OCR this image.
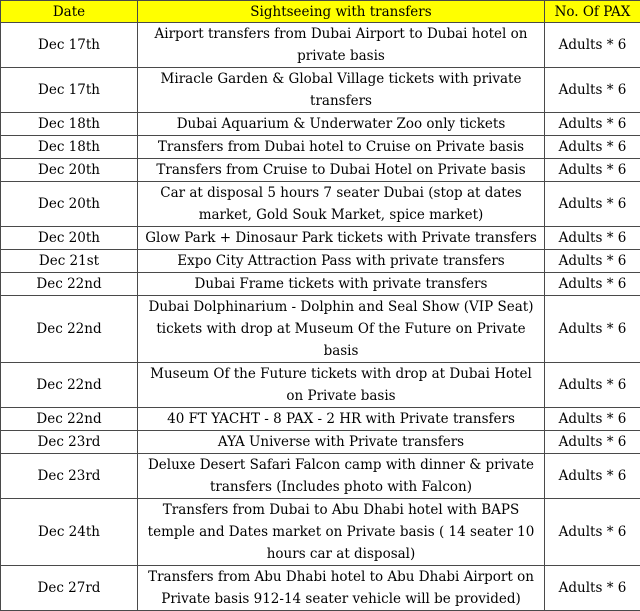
Date	Sightseeing with transfers	No. Of PAX
Dec 17th	Airport transfers from Dubai Airport to Dubai hotel on private basis	Adults * 6
Dec 17th	Miracle Garden & Global Village tickets with private transfers	Adults * 6
Dec 18th	Dubai Aquarium & Underwater Zoo only tickets	Adults * 6
Dec 18th	Transfers from Dubai hotel to Cruise on Private basis	Adults * 6
Dec 20th	Transfers from Cruise to Dubai Hotel on Private basis	Adults * 6
Dec 20th	Car at disposal 5 hours 7 seater Dubai (stop at dates market, Gold Souk Market, spice market)	Adults * 6
Dec 20th	Glow Park + Dinosaur Park tickets with Private transfers	Adults * 6
Dec 21st	Expo City Attraction Pass with private transfers	Adults * 6
Dec 22nd	Dubai Frame tickets with private transfers	Adults * 6
Dec 22nd	Dubai Dolphinarium - Dolphin and Seal Show (VIP Seat) tickets with drop at Museum Of the Future on Private basis	Adults * 6
Dec 22nd	Museum Of the Future tickets with drop at Dubai Hotel on Private basis	Adults * 6
Dec 22nd	40 FT YACHT - 8 PAX - 2 HR with Private transfers	Adults * 6
Dec 23rd	AYA Universe with Private transfers	Adults * 6
Dec 23rd	Deluxe Desert Safari Falcon camp with dinner & private transfers (Includes photo with Falcon)	Adults * 6
Dec 24th	Transfers from Dubai to Abu Dhabi hotel with BAPS temple and Dates market on Private basis ( 14 seater 10 hours car at disposal)	Adults * 6
Dec 27rd	Transfers from Abu Dhabi hotel to Abu Dhabi Airport on Private basis 912-14 seater vehicle will be provided)	Adults * 6
